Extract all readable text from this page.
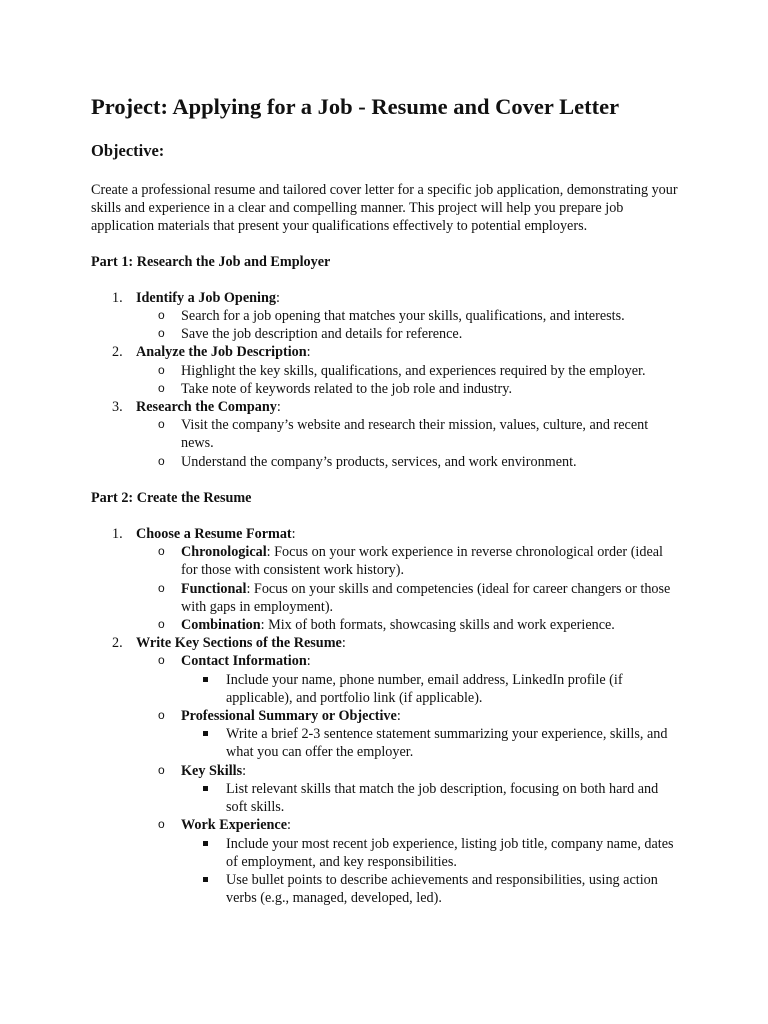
Project: Applying for a Job - Resume and Cover Letter
Objective:

Create a professional resume and tailored cover letter for a specific job application, demonstrating your skills and experience in a clear and compelling manner. This project will help you prepare job application materials that present your qualifications effectively to potential employers.

Part 1: Research the Job and Employer
1. Identify a Job Opening:
o Search for a job opening that matches your skills, qualifications, and interests.
o Save the job description and details for reference.
2. Analyze the Job Description:
o Highlight the key skills, qualifications, and experiences required by the employer.
o Take note of keywords related to the job role and industry.
3. Research the Company:
o Visit the company’s website and research their mission, values, culture, and recent news.
o Understand the company’s products, services, and work environment.
Part 2: Create the Resume
1. Choose a Resume Format:
o Chronological: Focus on your work experience in reverse chronological order (ideal for those with consistent work history).
o Functional: Focus on your skills and competencies (ideal for career changers or those with gaps in employment).
o Combination: Mix of both formats, showcasing skills and work experience.
2. Write Key Sections of the Resume:
o Contact Information:
Include your name, phone number, email address, LinkedIn profile (if applicable), and portfolio link (if applicable).
o Professional Summary or Objective:
Write a brief 2-3 sentence statement summarizing your experience, skills, and what you can offer the employer.
o Key Skills:
List relevant skills that match the job description, focusing on both hard and soft skills.
o Work Experience:
Include your most recent job experience, listing job title, company name, dates of employment, and key responsibilities.
Use bullet points to describe achievements and responsibilities, using action verbs (e.g., managed, developed, led).
